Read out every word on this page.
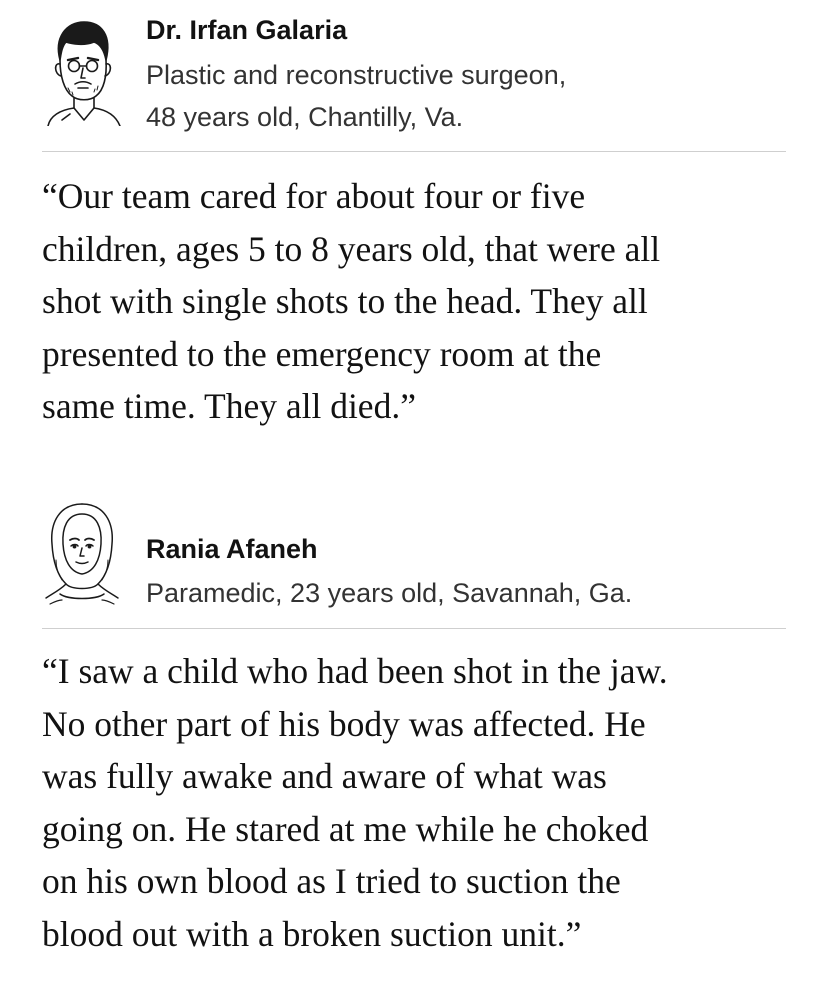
Dr. Irfan Galaria
Plastic and reconstructive surgeon,
48 years old, Chantilly, Va.

“Our team cared for about four or five
children, ages 5 to 8 years old, that were all
shot with single shots to the head. They all
presented to the emergency room at the
same time. They all died.”

Rania Afaneh
Paramedic, 23 years old, Savannah, Ga.

“I saw a child who had been shot in the jaw.
No other part of his body was affected. He
was fully awake and aware of what was
going on. He stared at me while he choked
on his own blood as I tried to suction the
blood out with a broken suction unit.”
